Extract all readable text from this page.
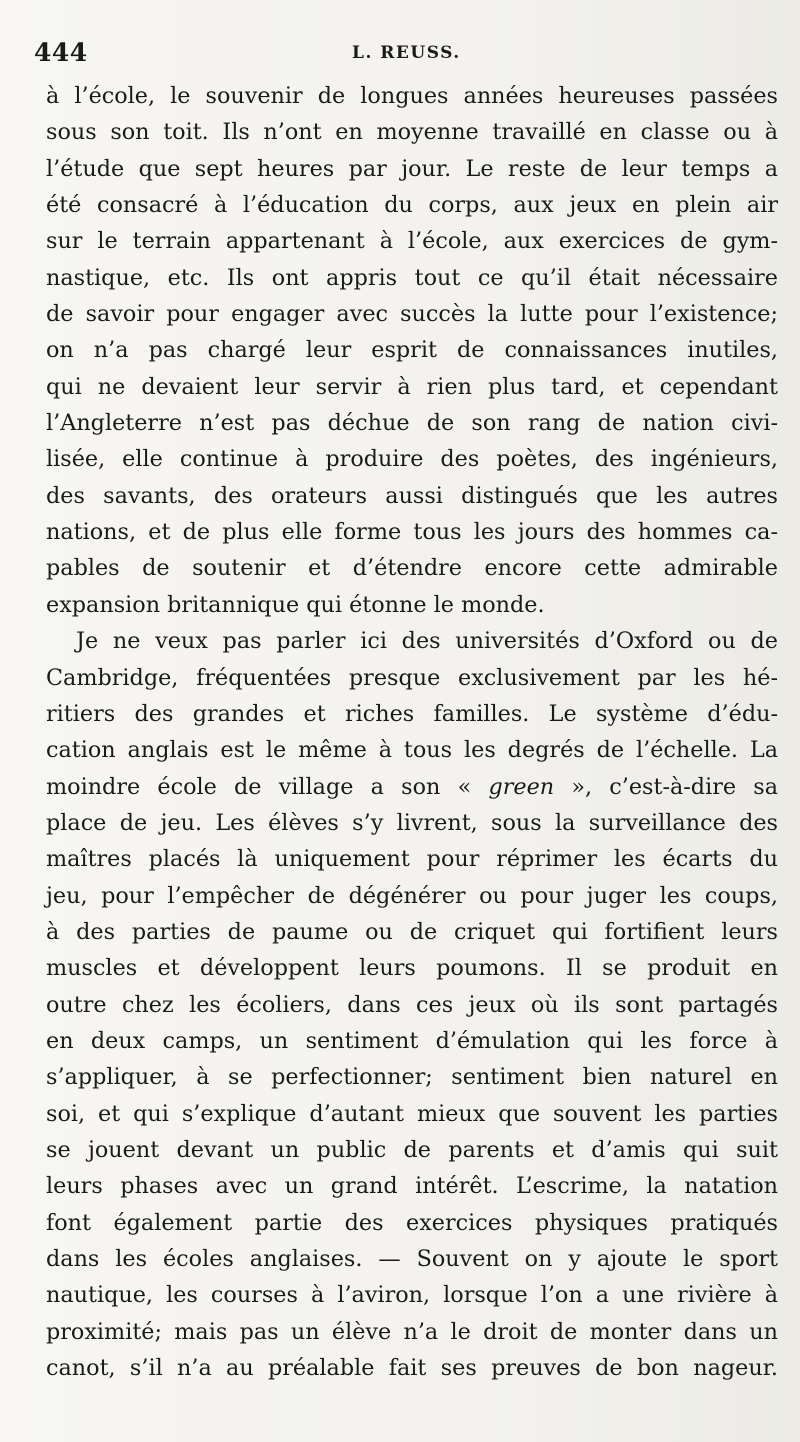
444	L. REUSS.
à l’école, le souvenir de longues années heureuses passées
sous son toit. Ils n’ont en moyenne travaillé en classe ou à
l’étude que sept heures par jour. Le reste de leur temps a
été consacré à l’éducation du corps, aux jeux en plein air
sur le terrain appartenant à l’école, aux exercices de gym-
nastique, etc. Ils ont appris tout ce qu’il était nécessaire
de savoir pour engager avec succès la lutte pour l’existence;
on n’a pas chargé leur esprit de connaissances inutiles,
qui ne devaient leur servir à rien plus tard, et cependant
l’Angleterre n’est pas déchue de son rang de nation civi-
lisée, elle continue à produire des poètes, des ingénieurs,
des savants, des orateurs aussi distingués que les autres
nations, et de plus elle forme tous les jours des hommes ca-
pables de soutenir et d’étendre encore cette admirable
expansion britannique qui étonne le monde.
Je ne veux pas parler ici des universités d’Oxford ou de
Cambridge, fréquentées presque exclusivement par les hé-
ritiers des grandes et riches familles. Le système d’édu-
cation anglais est le même à tous les degrés de l’échelle. La
moindre école de village a son « green », c’est-à-dire sa
place de jeu. Les élèves s’y livrent, sous la surveillance des
maîtres placés là uniquement pour réprimer les écarts du
jeu, pour l’empêcher de dégénérer ou pour juger les coups,
à des parties de paume ou de criquet qui fortifient leurs
muscles et développent leurs poumons. Il se produit en
outre chez les écoliers, dans ces jeux où ils sont partagés
en deux camps, un sentiment d’émulation qui les force à
s’appliquer, à se perfectionner; sentiment bien naturel en
soi, et qui s’explique d’autant mieux que souvent les parties
se jouent devant un public de parents et d’amis qui suit
leurs phases avec un grand intérêt. L’escrime, la natation
font également partie des exercices physiques pratiqués
dans les écoles anglaises. — Souvent on y ajoute le sport
nautique, les courses à l’aviron, lorsque l’on a une rivière à
proximité; mais pas un élève n’a le droit de monter dans un
canot, s’il n’a au préalable fait ses preuves de bon nageur.
